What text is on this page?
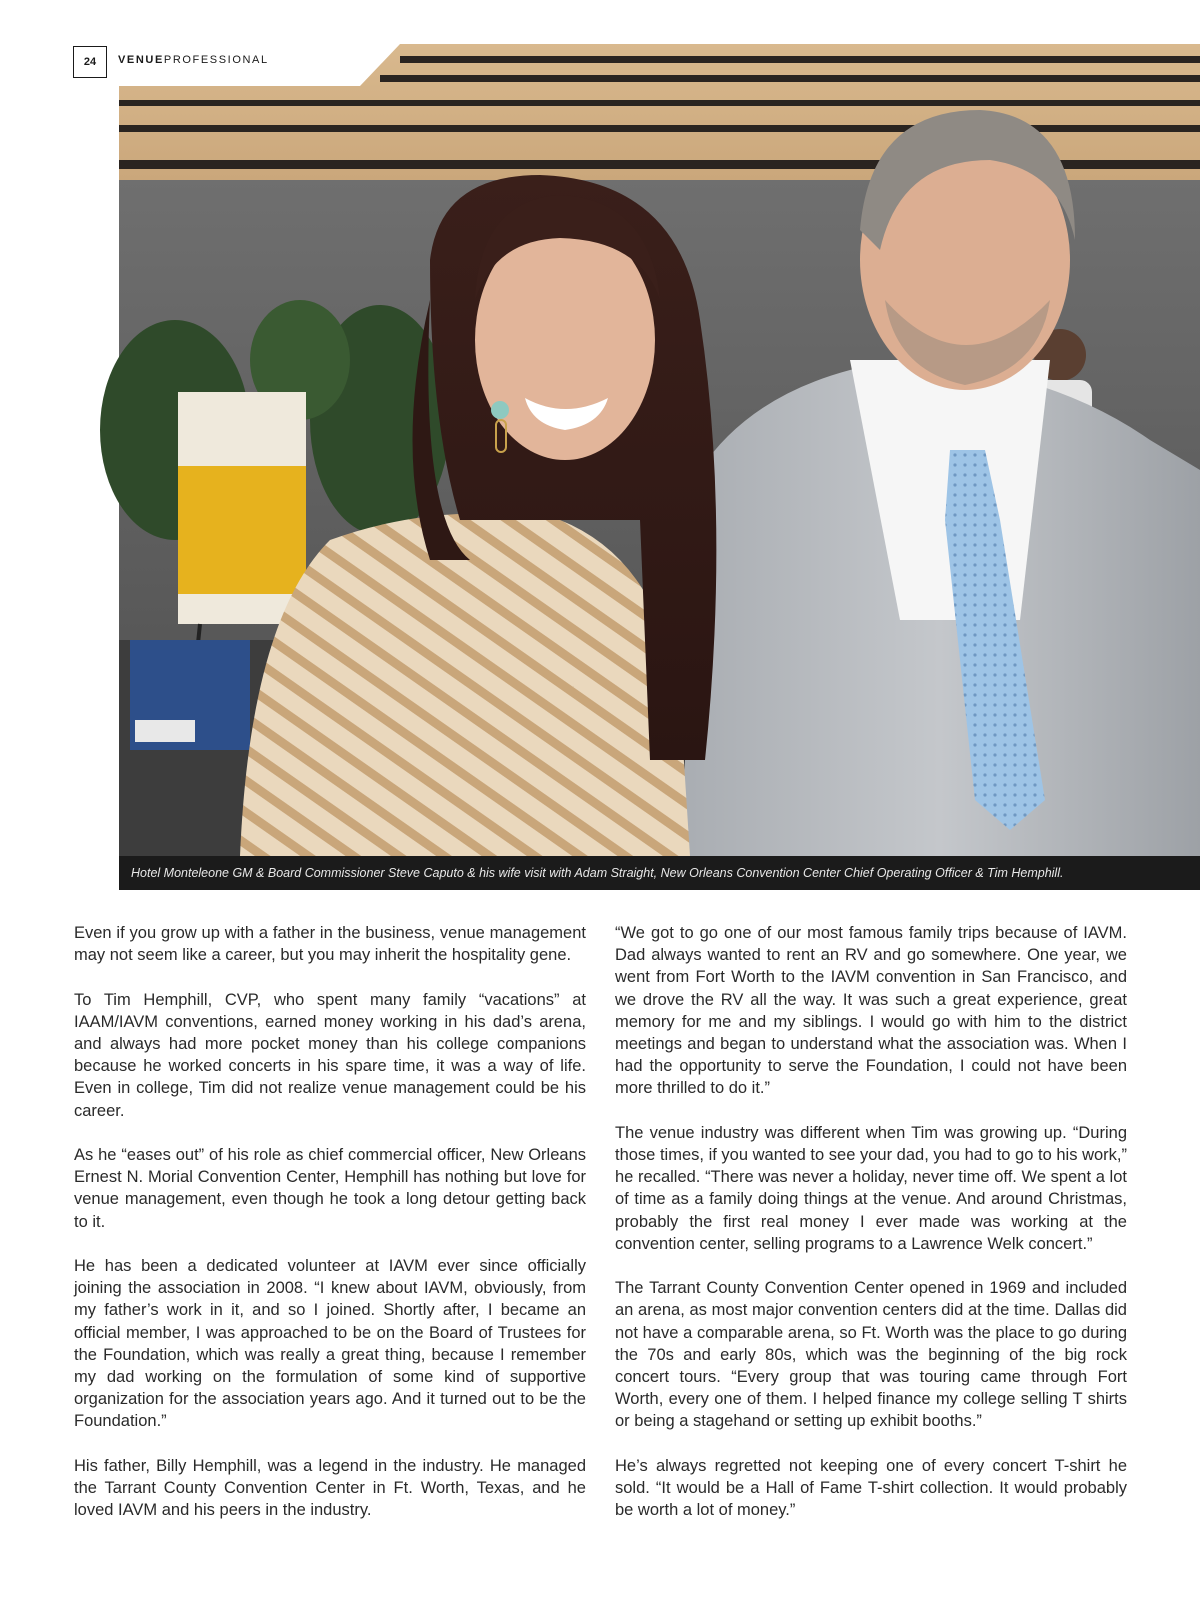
24	VENUEPROFESSIONAL
Hotel Monteleone GM & Board Commissioner Steve Caputo & his wife visit with Adam Straight, New Orleans Convention Center Chief Operating Officer & Tim Hemphill.

Even if you grow up with a father in the business, venue management may not seem like a career, but you may inherit the hospitality gene.

To Tim Hemphill, CVP, who spent many family “vacations” at IAAM/IAVM conventions, earned money working in his dad’s arena, and always had more pocket money than his college companions because he worked concerts in his spare time, it was a way of life. Even in college, Tim did not realize venue management could be his career.

As he “eases out” of his role as chief commercial officer, New Orleans Ernest N. Morial Convention Center, Hemphill has nothing but love for venue management, even though he took a long detour getting back to it.

He has been a dedicated volunteer at IAVM ever since officially joining the association in 2008. “I knew about IAVM, obviously, from my father’s work in it, and so I joined. Shortly after, I became an official member, I was approached to be on the Board of Trustees for the Foundation, which was really a great thing, because I remember my dad working on the formulation of some kind of supportive organization for the association years ago. And it turned out to be the Foundation.”

His father, Billy Hemphill, was a legend in the industry. He managed the Tarrant County Convention Center in Ft. Worth, Texas, and he loved IAVM and his peers in the industry.

“We got to go one of our most famous family trips because of IAVM. Dad always wanted to rent an RV and go somewhere. One year, we went from Fort Worth to the IAVM convention in San Francisco, and we drove the RV all the way. It was such a great experience, great memory for me and my siblings. I would go with him to the district meetings and began to understand what the association was. When I had the opportunity to serve the Foundation, I could not have been more thrilled to do it.”

The venue industry was different when Tim was growing up. “During those times, if you wanted to see your dad, you had to go to his work,” he recalled. “There was never a holiday, never time off. We spent a lot of time as a family doing things at the venue. And around Christmas, probably the first real money I ever made was working at the convention center, selling programs to a Lawrence Welk concert.”

The Tarrant County Convention Center opened in 1969 and included an arena, as most major convention centers did at the time. Dallas did not have a comparable arena, so Ft. Worth was the place to go during the 70s and early 80s, which was the beginning of the big rock concert tours. “Every group that was touring came through Fort Worth, every one of them. I helped finance my college selling T shirts or being a stagehand or setting up exhibit booths.”

He’s always regretted not keeping one of every concert T-shirt he sold. “It would be a Hall of Fame T-shirt collection. It would probably be worth a lot of money.”
